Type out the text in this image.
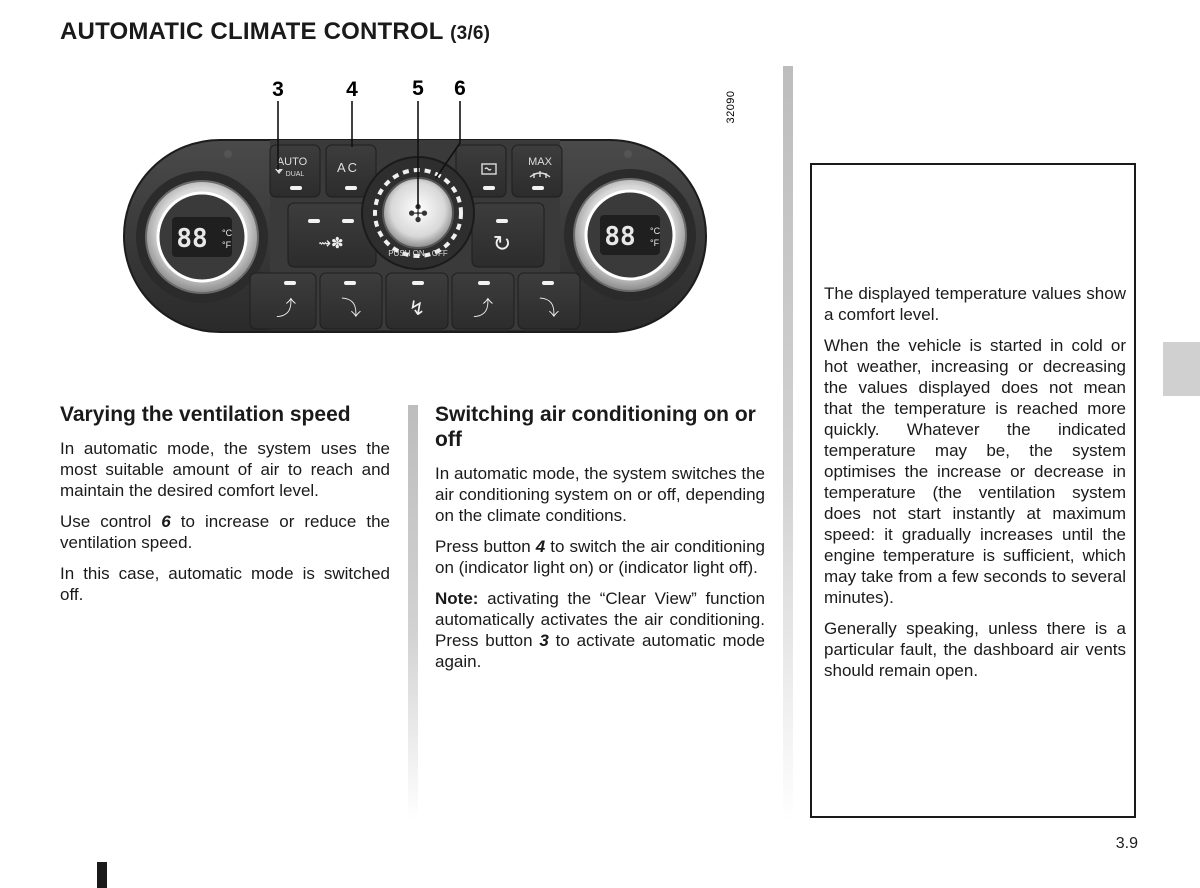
AUTOMATIC CLIMATE CONTROL (3/6)
3	4	5 6
32090
AUTO
DUAL	AC	MAX
⇝✽	↻
✣
PUSH ON · OFF
88 °C
°F	88 °C
°F
⤴ ⤵ ↯ ⤴ ⤵
Varying the ventilation speed

In automatic mode, the system uses the most suitable amount of air to reach and maintain the desired comfort level.

Use control 6 to increase or reduce the ventilation speed.

In this case, automatic mode is switched off.

Switching air conditioning on or off

In automatic mode, the system switches the air conditioning system on or off, depending on the climate conditions.

Press button 4 to switch the air conditioning on (indicator light on) or (indicator light off).

Note: activating the “Clear View” function automatically activates the air conditioning. Press button 3 to activate automatic mode again.

The displayed temperature values show a comfort level.

When the vehicle is started in cold or hot weather, increasing or decreasing the values displayed does not mean that the temperature is reached more quickly. Whatever the indicated temperature may be, the system optimises the increase or decrease in temperature (the ventilation system does not start instantly at maximum speed: it gradually increases until the engine temperature is sufficient, which may take from a few seconds to several minutes).

Generally speaking, unless there is a particular fault, the dashboard air vents should remain open.

3.9
